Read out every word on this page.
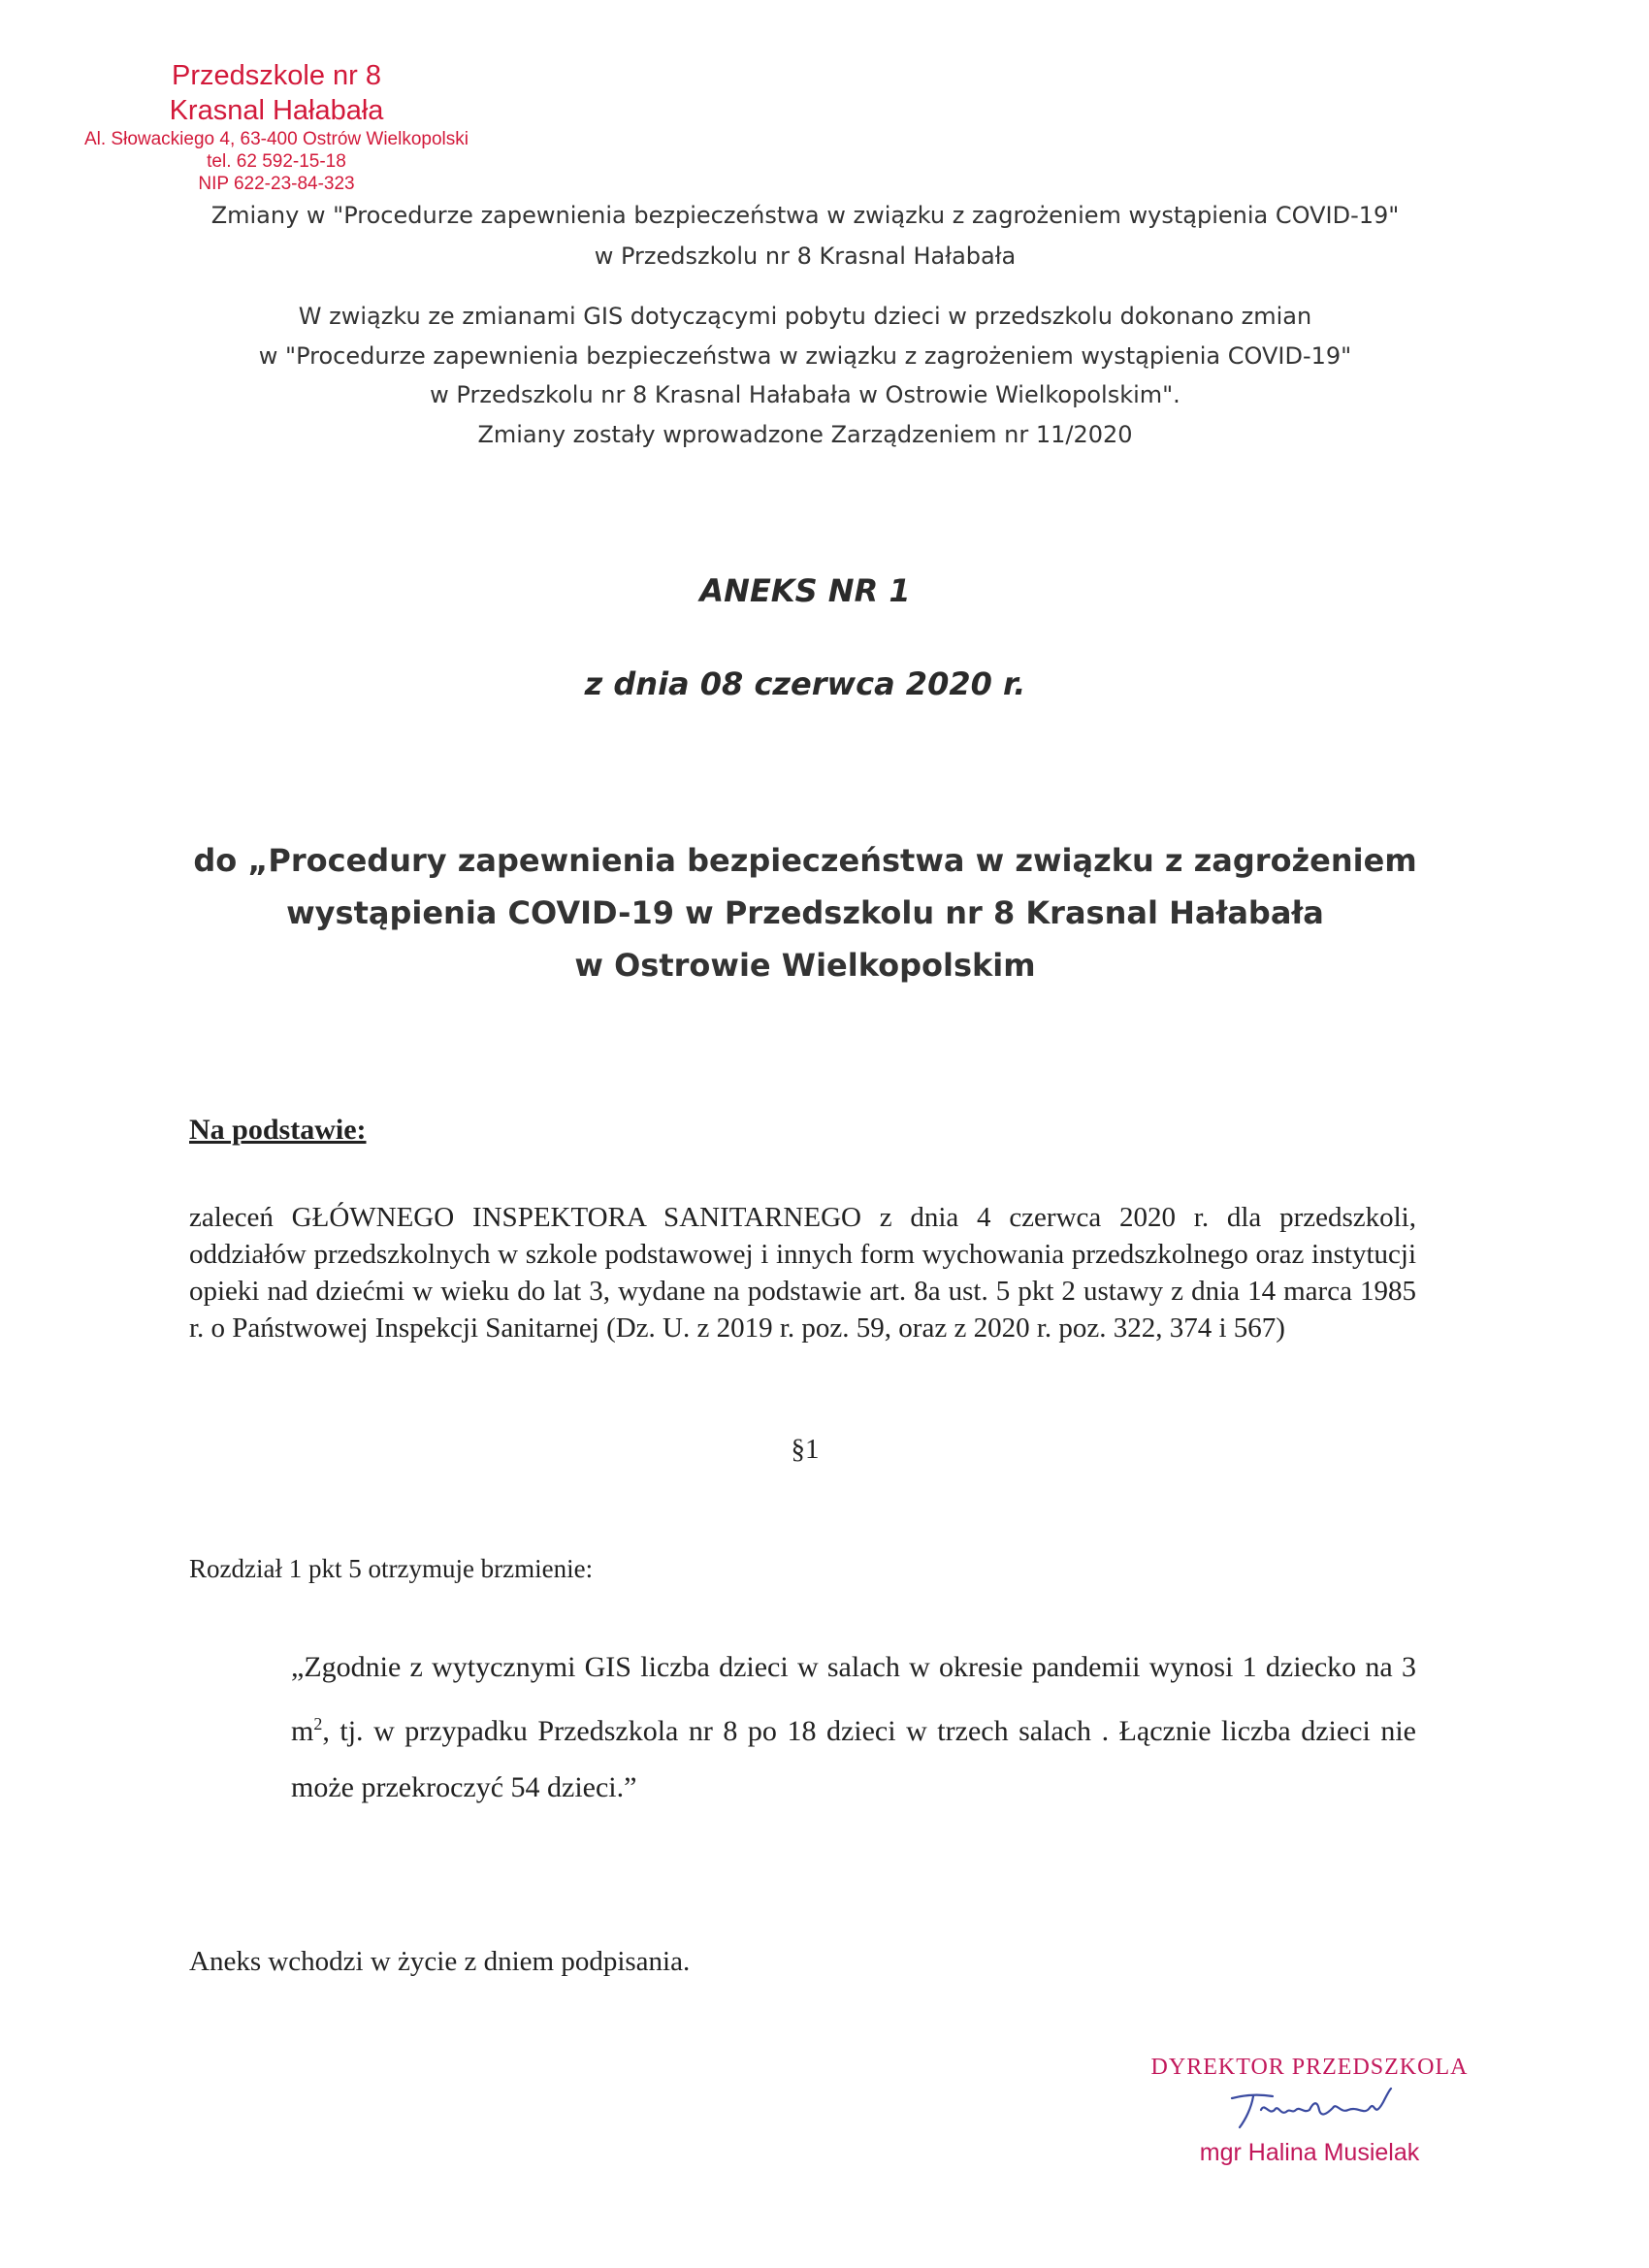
Przedszkole nr 8
Krasnal Hałabała
Al. Słowackiego 4, 63-400 Ostrów Wielkopolski
tel. 62 592-15-18
NIP 622-23-84-323
Zmiany w "Procedurze zapewnienia bezpieczeństwa w związku z zagrożeniem wystąpienia COVID-19"
w Przedszkolu nr 8 Krasnal Hałabała
W związku ze zmianami GIS dotyczącymi pobytu dzieci w przedszkolu dokonano zmian
w "Procedurze zapewnienia bezpieczeństwa w związku z zagrożeniem wystąpienia COVID-19"
w Przedszkolu nr 8 Krasnal Hałabała w Ostrowie Wielkopolskim".
Zmiany zostały wprowadzone Zarządzeniem nr 11/2020
ANEKS NR 1
z dnia 08 czerwca 2020 r.
do „Procedury zapewnienia bezpieczeństwa w związku z zagrożeniem
wystąpienia COVID-19 w Przedszkolu nr 8 Krasnal Hałabała
w Ostrowie Wielkopolskim
Na podstawie:
zaleceń GŁÓWNEGO INSPEKTORA SANITARNEGO z dnia 4 czerwca 2020 r. dla przedszkoli, oddziałów przedszkolnych w szkole podstawowej i innych form wychowania przedszkolnego oraz instytucji opieki nad dziećmi w wieku do lat 3, wydane na podstawie art. 8a ust. 5 pkt 2 ustawy z dnia 14 marca 1985 r. o Państwowej Inspekcji Sanitarnej (Dz. U. z 2019 r. poz. 59, oraz z 2020 r. poz. 322, 374 i 567)
§1
Rozdział 1 pkt 5 otrzymuje brzmienie:
„Zgodnie z wytycznymi GIS liczba dzieci w salach w okresie pandemii wynosi 1 dziecko na 3 $m^2$, tj. w przypadku Przedszkola nr 8 po 18 dzieci w trzech salach . Łącznie liczba dzieci nie może przekroczyć 54 dzieci.”
Aneks wchodzi w życie z dniem podpisania.
DYREKTOR PRZEDSZKOLA
mgr Halina Musielak
